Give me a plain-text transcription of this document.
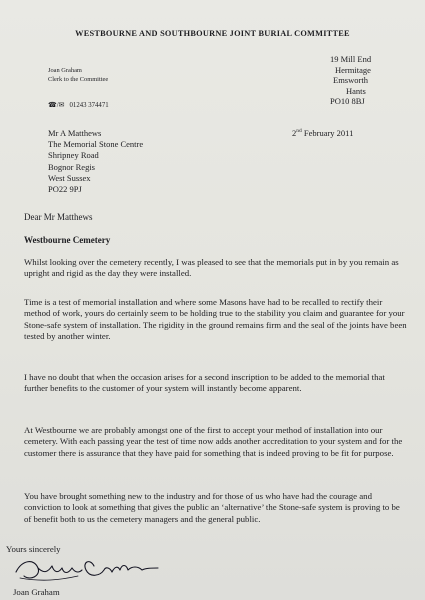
WESTBOURNE AND SOUTHBOURNE JOINT BURIAL COMMITTEE
Joan Graham
Clerk to the Committee
☎/✉ 01243 374471
19 Mill End
Hermitage
Emsworth
Hants
PO10 8BJ
Mr A Matthews
The Memorial Stone Centre
Shripney Road
Bognor Regis
West Sussex
PO22 9PJ
2nd February 2011
Dear Mr Matthews
Westbourne Cemetery

Whilst looking over the cemetery recently, I was pleased to see that the memorials put in by you remain as upright and rigid as the day they were installed.

Time is a test of memorial installation and where some Masons have had to be recalled to rectify their method of work, yours do certainly seem to be holding true to the stability you claim and guarantee for your Stone-safe system of installation. The rigidity in the ground remains firm and the seal of the joints have been tested by another winter.

I have no doubt that when the occasion arises for a second inscription to be added to the memorial that further benefits to the customer of your system will instantly become apparent.

At Westbourne we are probably amongst one of the first to accept your method of installation into our cemetery. With each passing year the test of time now adds another accreditation to your system and for the customer there is assurance that they have paid for something that is indeed proving to be fit for purpose.

You have brought something new to the industry and for those of us who have had the courage and conviction to look at something that gives the public an ‘alternative’ the Stone-safe system is proving to be of benefit both to us the cemetery managers and the general public.

Yours sincerely
Joan Graham
